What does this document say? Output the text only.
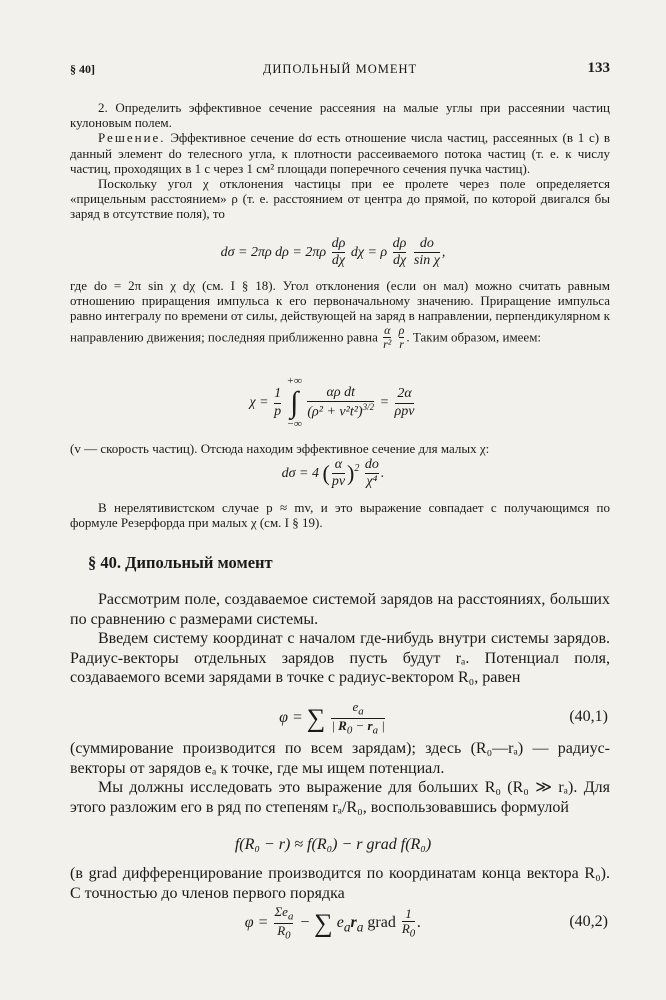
§ 40]	ДИПОЛЬНЫЙ МОМЕНТ	133

2. Определить эффективное сечение рассеяния на малые углы при рассеянии частиц кулоновым полем.

Решение. Эффективное сечение dσ есть отношение числа частиц, рассеянных (в 1 с) в данный элемент do телесного угла, к плотности рассеиваемого потока частиц (т. е. к числу частиц, проходящих в 1 с через 1 см² площади поперечного сечения пучка частиц).

Поскольку угол χ отклонения частицы при ее пролете через поле определяется «прицельным расстоянием» ρ (т. е. расстоянием от центра до прямой, по которой двигался бы заряд в отсутствие поля), то

dσ = 2πρ $d\rho = 2\pi\rho \frac{d\rho}{d\chi}$ dχ = ρ $\frac{d\rho}{d\chi}$
$\frac{do}{\text{sin χ}}$ ,

где do = 2π sin χ dχ (см. I § 18). Угол отклонения (если он мал) можно считать равным отношению приращения импульса к его первоначальному значению. Приращение импульса равно интегралу по времени от силы, действующей на заряд в направлении, перпендикулярном к направлению движения; последняя приближенно равна $\frac{\alpha}{\text{r²}}$
$\frac{\rho}{r}$ . Таким образом, имеем:

$\chi = \frac{1}{p}$

+∞
∫
−∞

$\frac{\text{αρ dt}}{(\rho^2 + v^2t^2)^{3/2}} = \frac{2\alpha}{\text{ρpv}}$

(v — скорость частиц). Отсюда находим эффективное сечение для малых χ:

dσ = 4 ( $\frac{\alpha}{pv} )^2 \frac{do}{\text{χ⁴}}$ .

В нерелятивистском случае p ≈ mv, и это выражение совпадает с получающимся по формуле Резерфорда при малых χ (см. I § 19).

§ 40. Дипольный момент

Рассмотрим поле, создаваемое системой зарядов на расстояниях, больших по сравнению с размерами системы.

Введем систему координат с началом где-нибудь внутри системы зарядов. Радиус-векторы отдельных зарядов пусть будут rₐ. Потенциал поля, создаваемого всеми зарядами в точке с радиус-вектором R₀, равен

φ = ∑ $\frac{e_a}{| R_0 - r_a |}$	(40,1)

(суммирование производится по всем зарядам); здесь (R₀—rₐ) — радиус-векторы от зарядов eₐ к точке, где мы ищем потенциал.

Мы должны исследовать это выражение для больших R₀ (R₀ ≫ rₐ). Для этого разложим его в ряд по степеням rₐ/R₀, воспользовавшись формулой

f(R₀ − r) ≈ f(R₀) − r grad f(R₀)

(в grad дифференцирование производится по координатам конца вектора R₀). С точностью до членов первого порядка

$\varphi = \frac{\Sigma e_a}{R_0}$ − ∑ $e_ar_a$ grad $\frac{1}{R_0}$ .	(40,2)
